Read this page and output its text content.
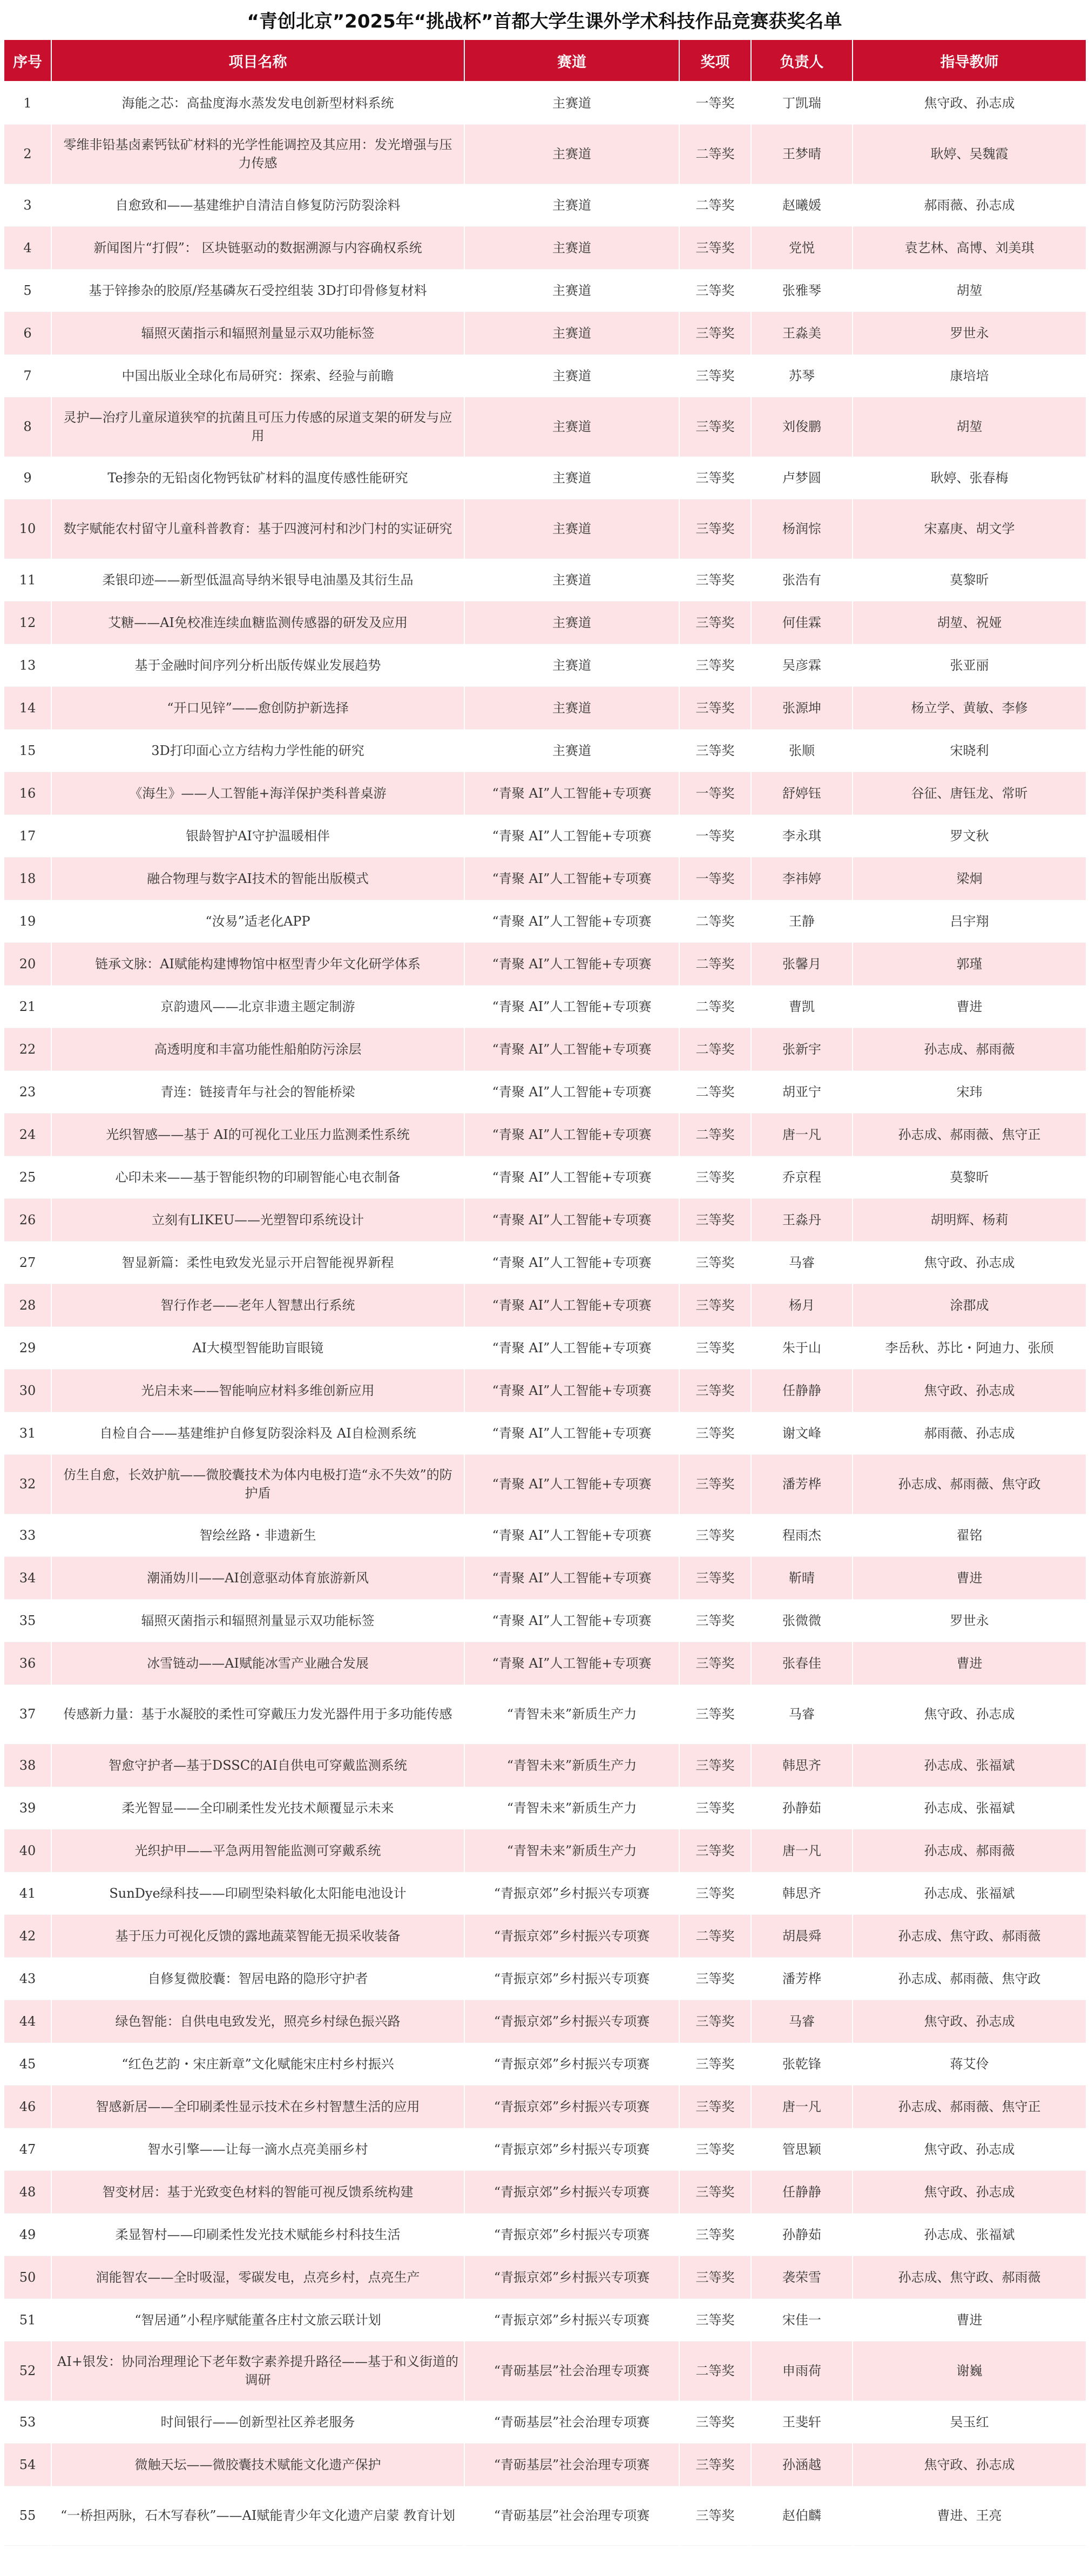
“青创北京”2025年“挑战杯”首都大学生课外学术科技作品竞赛获奖名单
序号	项目名称	赛道	奖项	负责人	指导教师
1	海能之芯：高盐度海水蒸发发电创新型材料系统	主赛道	一等奖	丁凯瑞	焦守政、孙志成
2	零维非铅基卤素钙钛矿材料的光学性能调控及其应用：发光增强与压力传感	主赛道	二等奖	王梦晴	耿婷、吴魏霞
3	自愈致和——基建维护自清洁自修复防污防裂涂料	主赛道	二等奖	赵曦媛	郝雨薇、孙志成
4	新闻图片“打假”： 区块链驱动的数据溯源与内容确权系统	主赛道	三等奖	党悦	袁艺林、高博、刘美琪
5	基于锌掺杂的胶原/羟基磷灰石受控组装 3D打印骨修复材料	主赛道	三等奖	张雅琴	胡堃
6	辐照灭菌指示和辐照剂量显示双功能标签	主赛道	三等奖	王淼美	罗世永
7	中国出版业全球化布局研究：探索、经验与前瞻	主赛道	三等奖	苏琴	康培培
8	灵护—治疗儿童尿道狭窄的抗菌且可压力传感的尿道支架的研发与应用	主赛道	三等奖	刘俊鹏	胡堃
9	Te掺杂的无铅卤化物钙钛矿材料的温度传感性能研究	主赛道	三等奖	卢梦圆	耿婷、张春梅
10	数字赋能农村留守儿童科普教育：基于四渡河村和沙门村的实证研究	主赛道	三等奖	杨润悰	宋嘉庚、胡文学
11	柔银印迹——新型低温高导纳米银导电油墨及其衍生品	主赛道	三等奖	张浩有	莫黎昕
12	艾糖——AI免校准连续血糖监测传感器的研发及应用	主赛道	三等奖	何佳霖	胡堃、祝娅
13	基于金融时间序列分析出版传媒业发展趋势	主赛道	三等奖	吴彦霖	张亚丽
14	“开口见锌”——愈创防护新选择	主赛道	三等奖	张源坤	杨立学、黄敏、李修
15	3D打印面心立方结构力学性能的研究	主赛道	三等奖	张顺	宋晓利
16	《海生》——人工智能+海洋保护类科普桌游	“青聚 AI”人工智能+专项赛	一等奖	舒婷钰	谷征、唐钰龙、常昕
17	银龄智护AI守护温暖相伴	“青聚 AI”人工智能+专项赛	一等奖	李永琪	罗文秋
18	融合物理与数字AI技术的智能出版模式	“青聚 AI”人工智能+专项赛	一等奖	李祎婷	梁炯
19	“汝易”适老化APP	“青聚 AI”人工智能+专项赛	二等奖	王静	吕宇翔
20	链承文脉：AI赋能构建博物馆中枢型青少年文化研学体系	“青聚 AI”人工智能+专项赛	二等奖	张馨月	郭瑾
21	京韵遗风——北京非遗主题定制游	“青聚 AI”人工智能+专项赛	二等奖	曹凯	曹进
22	高透明度和丰富功能性船舶防污涂层	“青聚 AI”人工智能+专项赛	二等奖	张新宇	孙志成、郝雨薇
23	青连：链接青年与社会的智能桥梁	“青聚 AI”人工智能+专项赛	二等奖	胡亚宁	宋玮
24	光织智感——基于 AI的可视化工业压力监测柔性系统	“青聚 AI”人工智能+专项赛	二等奖	唐一凡	孙志成、郝雨薇、焦守正
25	心印未来——基于智能织物的印刷智能心电衣制备	“青聚 AI”人工智能+专项赛	三等奖	乔京程	莫黎昕
26	立刻有LIKEU——光塑智印系统设计	“青聚 AI”人工智能+专项赛	三等奖	王淼丹	胡明辉、杨莉
27	智显新篇：柔性电致发光显示开启智能视界新程	“青聚 AI”人工智能+专项赛	三等奖	马睿	焦守政、孙志成
28	智行作老——老年人智慧出行系统	“青聚 AI”人工智能+专项赛	三等奖	杨月	涂郡成
29	AI大模型智能助盲眼镜	“青聚 AI”人工智能+专项赛	三等奖	朱于山	李岳秋、苏比・阿迪力、张颀
30	光启未来——智能响应材料多维创新应用	“青聚 AI”人工智能+专项赛	三等奖	任静静	焦守政、孙志成
31	自检自合——基建维护自修复防裂涂料及 AI自检测系统	“青聚 AI”人工智能+专项赛	三等奖	谢文峰	郝雨薇、孙志成
32	仿生自愈，长效护航——微胶囊技术为体内电极打造“永不失效”的防护盾	“青聚 AI”人工智能+专项赛	三等奖	潘芳桦	孙志成、郝雨薇、焦守政
33	智绘丝路・非遗新生	“青聚 AI”人工智能+专项赛	三等奖	程雨杰	翟铭
34	潮涌妫川——AI创意驱动体育旅游新风	“青聚 AI”人工智能+专项赛	三等奖	靳晴	曹进
35	辐照灭菌指示和辐照剂量显示双功能标签	“青聚 AI”人工智能+专项赛	三等奖	张微微	罗世永
36	冰雪链动——AI赋能冰雪产业融合发展	“青聚 AI”人工智能+专项赛	三等奖	张春佳	曹进
37	传感新力量：基于水凝胶的柔性可穿戴压力发光器件用于多功能传感	“青智未来”新质生产力	三等奖	马睿	焦守政、孙志成
38	智愈守护者—基于DSSC的AI自供电可穿戴监测系统	“青智未来”新质生产力	三等奖	韩思齐	孙志成、张福斌
39	柔光智显——全印刷柔性发光技术颠覆显示未来	“青智未来”新质生产力	三等奖	孙静茹	孙志成、张福斌
40	光织护甲——平急两用智能监测可穿戴系统	“青智未来”新质生产力	三等奖	唐一凡	孙志成、郝雨薇
41	SunDye绿科技——印刷型染料敏化太阳能电池设计	“青振京郊”乡村振兴专项赛	三等奖	韩思齐	孙志成、张福斌
42	基于压力可视化反馈的露地蔬菜智能无损采收装备	“青振京郊”乡村振兴专项赛	二等奖	胡晨舜	孙志成、焦守政、郝雨薇
43	自修复微胶囊：智居电路的隐形守护者	“青振京郊”乡村振兴专项赛	三等奖	潘芳桦	孙志成、郝雨薇、焦守政
44	绿色智能：自供电电致发光，照亮乡村绿色振兴路	“青振京郊”乡村振兴专项赛	三等奖	马睿	焦守政、孙志成
45	“红色艺韵・宋庄新章”文化赋能宋庄村乡村振兴	“青振京郊”乡村振兴专项赛	三等奖	张乾锋	蒋艾伶
46	智感新居——全印刷柔性显示技术在乡村智慧生活的应用	“青振京郊”乡村振兴专项赛	三等奖	唐一凡	孙志成、郝雨薇、焦守正
47	智水引擎——让每一滴水点亮美丽乡村	“青振京郊”乡村振兴专项赛	三等奖	管思颖	焦守政、孙志成
48	智变材居：基于光致变色材料的智能可视反馈系统构建	“青振京郊”乡村振兴专项赛	三等奖	任静静	焦守政、孙志成
49	柔显智村——印刷柔性发光技术赋能乡村科技生活	“青振京郊”乡村振兴专项赛	三等奖	孙静茹	孙志成、张福斌
50	润能智农——全时吸湿，零碳发电，点亮乡村，点亮生产	“青振京郊”乡村振兴专项赛	三等奖	袭荣雪	孙志成、焦守政、郝雨薇
51	“智居通”小程序赋能董各庄村文旅云联计划	“青振京郊”乡村振兴专项赛	三等奖	宋佳一	曹进
52	AI+银发：协同治理理论下老年数字素养提升路径——基于和义街道的调研	“青砺基层”社会治理专项赛	二等奖	申雨荷	谢巍
53	时间银行——创新型社区养老服务	“青砺基层”社会治理专项赛	三等奖	王斐轩	吴玉红
54	微触天坛——微胶囊技术赋能文化遗产保护	“青砺基层”社会治理专项赛	三等奖	孙涵越	焦守政、孙志成
55	“一桥担两脉，石木写春秋”——AI赋能青少年文化遗产启蒙 教育计划	“青砺基层”社会治理专项赛	三等奖	赵伯麟	曹进、王亮
